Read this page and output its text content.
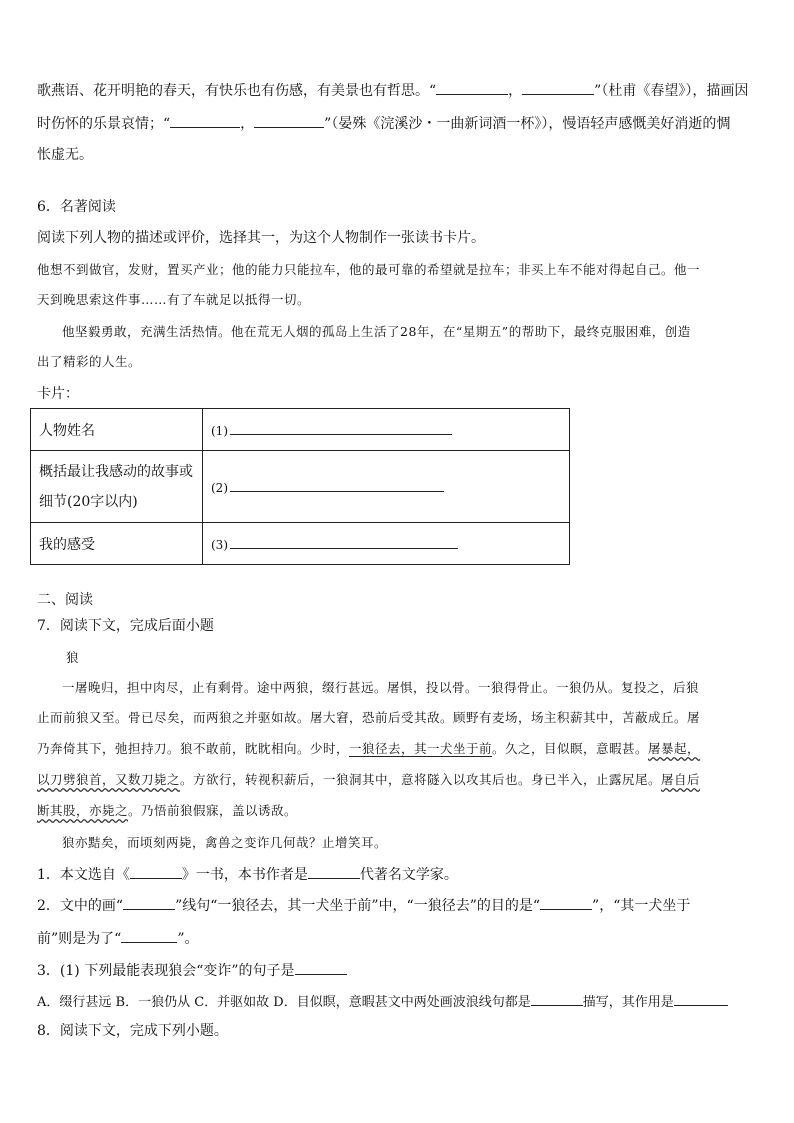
歌燕语、花开明艳的春天，有快乐也有伤感，有美景也有哲思。“	，	”（杜甫《春望》），描画因
时伤怀的乐景哀情；“	，	”（晏殊《浣溪沙・一曲新词酒一杯》），慢语轻声感慨美好消逝的惆
怅虚无。
6．名著阅读
阅读下列人物的描述或评价，选择其一，为这个人物制作一张读书卡片。
他想不到做官，发财，置买产业；他的能力只能拉车，他的最可靠的希望就是拉车；非买上车不能对得起自己。他一
天到晚思索这件事……有了车就足以抵得一切。
他坚毅勇敢，充满生活热情。他在荒无人烟的孤岛上生活了28年，在“星期五”的帮助下，最终克服困难，创造
出了精彩的人生。
卡片：
人物姓名	(1)

概括最让我感动的故事或
细节(20字以内)	(2)
我的感受	(3)
二、阅读
7．阅读下文，完成后面小题
狼
一屠晚归，担中肉尽，止有剩骨。途中两狼，缀行甚远。屠惧，投以骨。一狼得骨止。一狼仍从。复投之，后狼
止而前狼又至。骨已尽矣，而两狼之并驱如故。屠大窘，恐前后受其敌。顾野有麦场，场主积薪其中，苫蔽成丘。屠
乃奔倚其下，弛担持刀。狼不敢前，眈眈相向。少时，一狼径去，其一犬坐于前。久之，目似瞑，意暇甚。屠暴起，
以刀劈狼首，又数刀毙之。方欲行，转视积薪后，一狼洞其中，意将隧入以攻其后也。身已半入，止露尻尾。屠自后
断其股，亦毙之。乃悟前狼假寐，盖以诱敌。
狼亦黠矣，而顷刻两毙，禽兽之变诈几何哉？止增笑耳。
1．本文选自《	》一书，本书作者是	代著名文学家。
2．文中的画“	”线句“一狼径去，其一犬坐于前”中，“一狼径去”的目的是“	”，“其一犬坐于
前”则是为了“	”。
3．(1) 下列最能表现狼会“变诈”的句子是
A．缀行甚远 B．一狼仍从 C．并驱如故 D．目似瞑，意暇甚文中两处画波浪线句都是	描写，其作用是
8．阅读下文，完成下列小题。
